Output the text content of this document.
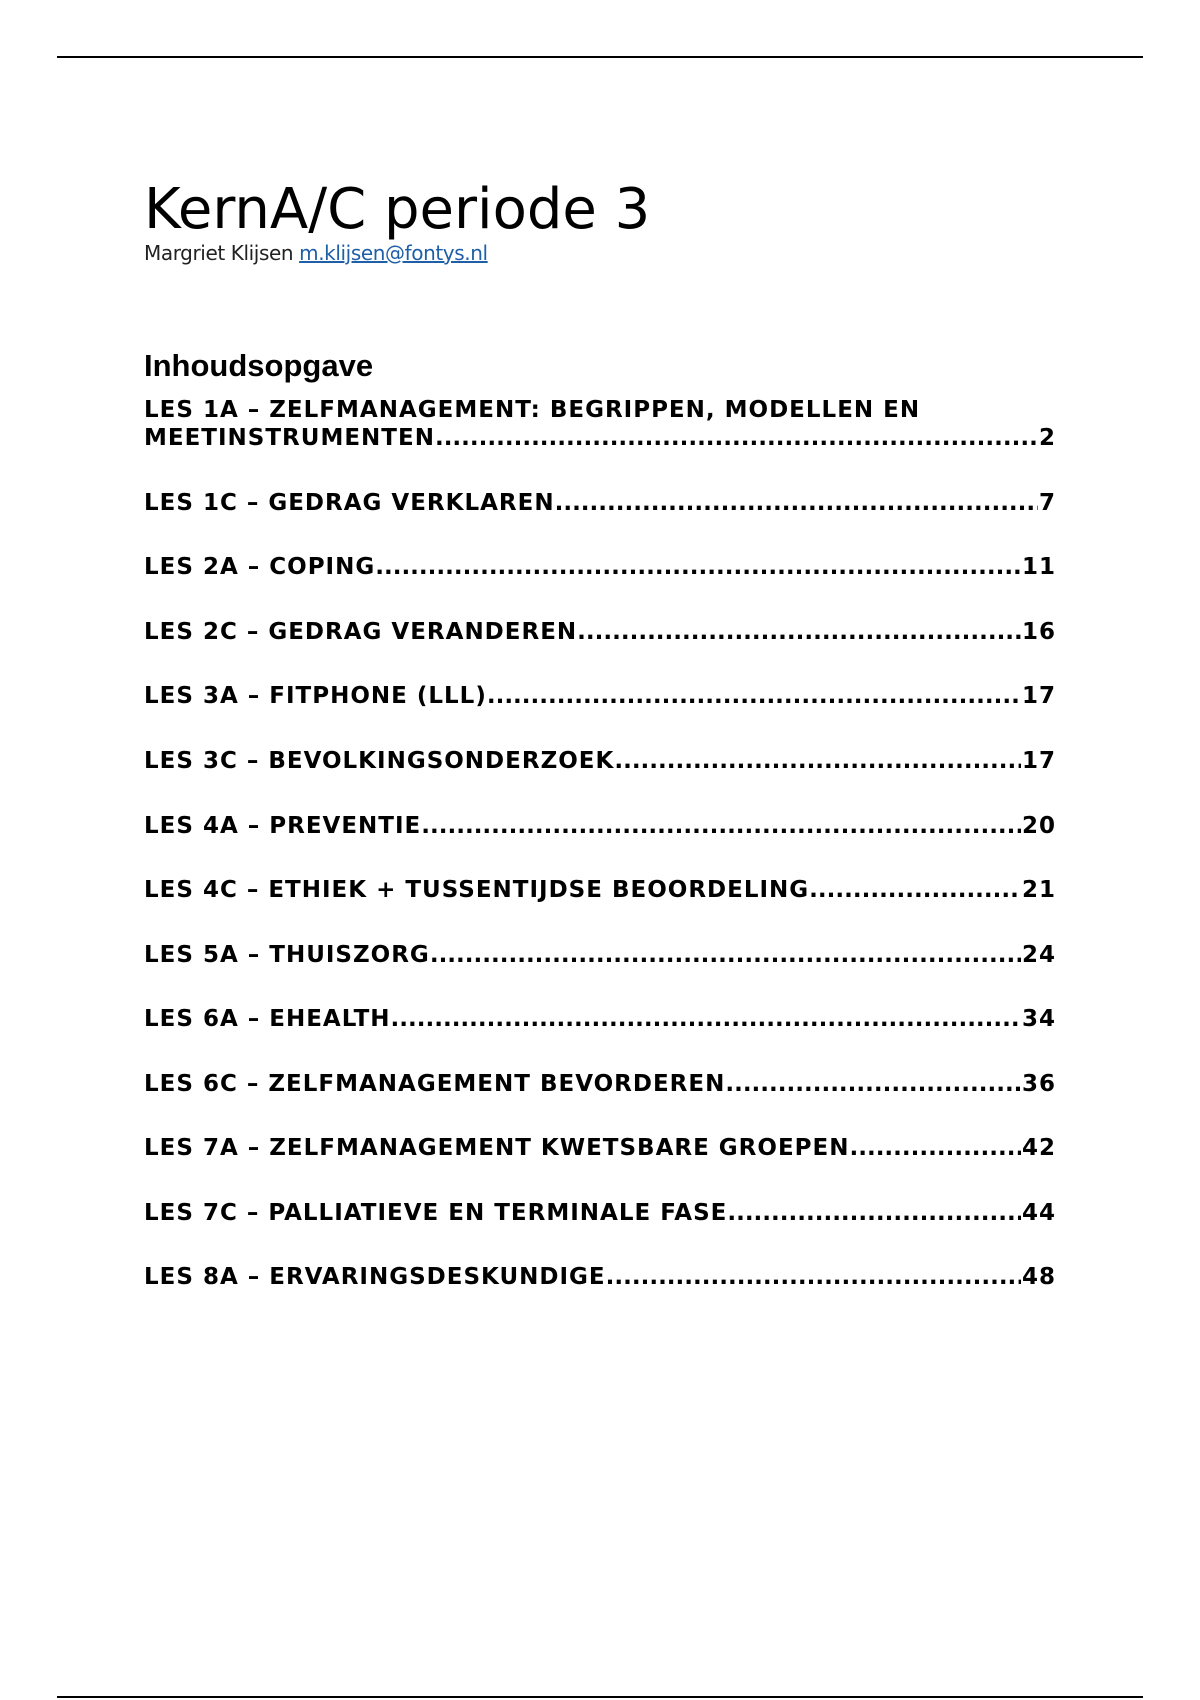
KernA/C periode 3
Margriet Klijsen m.klijsen@fontys.nl
Inhoudsopgave
LES 1A – ZELFMANAGEMENT: BEGRIPPEN, MODELLEN EN
MEETINSTRUMENTEN .....	2
LES 1C – GEDRAG VERKLAREN .....	7
LES 2A – COPING .....	11
LES 2C – GEDRAG VERANDEREN .....	16
LES 3A – FITPHONE (LLL) .....	17
LES 3C – BEVOLKINGSONDERZOEK .....	17
LES 4A – PREVENTIE .....	20
LES 4C – ETHIEK + TUSSENTIJDSE BEOORDELING .....	21
LES 5A – THUISZORG .....	24
LES 6A – EHEALTH .....	34
LES 6C – ZELFMANAGEMENT BEVORDEREN .....	36
LES 7A – ZELFMANAGEMENT KWETSBARE GROEPEN .....	42
LES 7C – PALLIATIEVE EN TERMINALE FASE .....	44
LES 8A – ERVARINGSDESKUNDIGE .....	48
